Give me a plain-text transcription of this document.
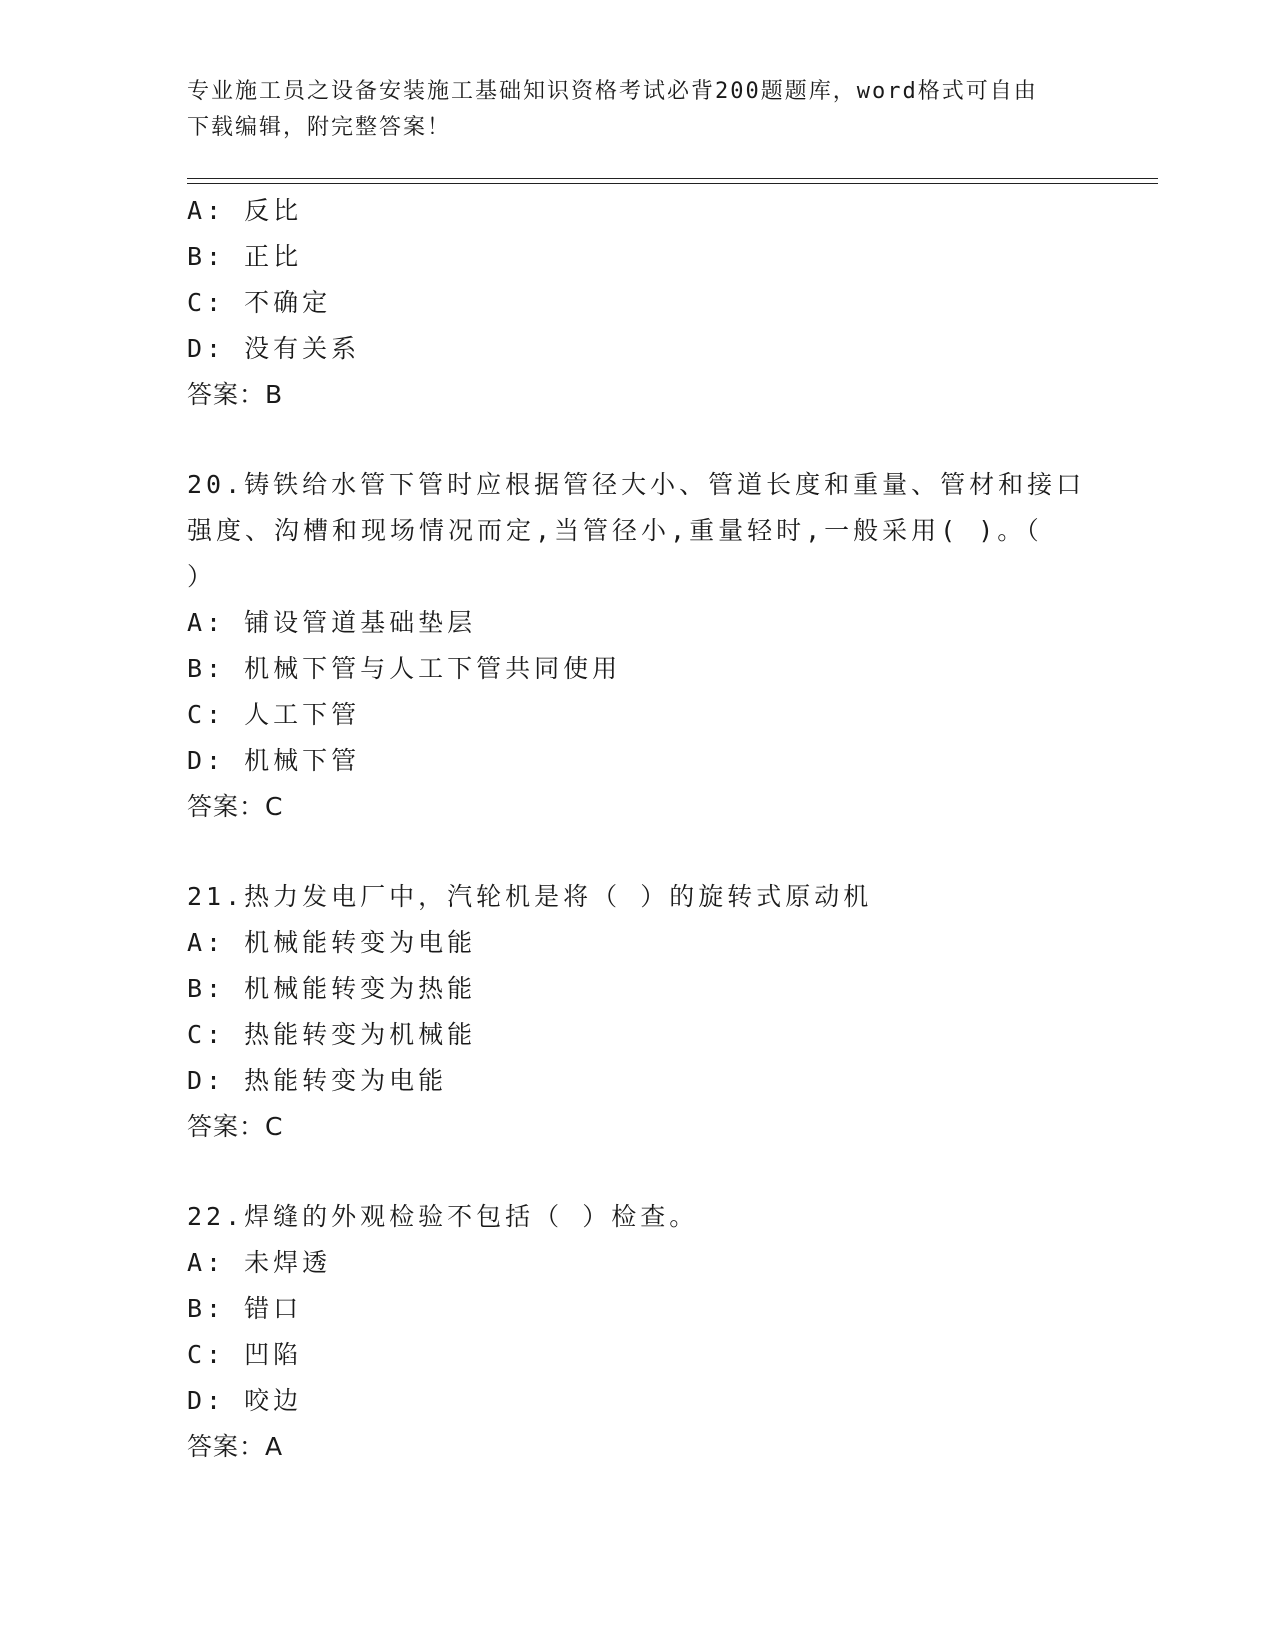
专业施工员之设备安装施工基础知识资格考试必背200题题库，word格式可自由
下载编辑，附完整答案！
A: 反比
B: 正比
C: 不确定
D: 没有关系
答案：B
20.铸铁给水管下管时应根据管径大小、管道长度和重量、管材和接口
强度、沟槽和现场情况而定,当管径小,重量轻时,一般采用( )。（
）
A: 铺设管道基础垫层
B: 机械下管与人工下管共同使用
C: 人工下管
D: 机械下管
答案：C
21.热力发电厂中，汽轮机是将（ ）的旋转式原动机
A: 机械能转变为电能
B: 机械能转变为热能
C: 热能转变为机械能
D: 热能转变为电能
答案：C
22.焊缝的外观检验不包括（ ）检查。
A: 未焊透
B: 错口
C: 凹陷
D: 咬边
答案：A
